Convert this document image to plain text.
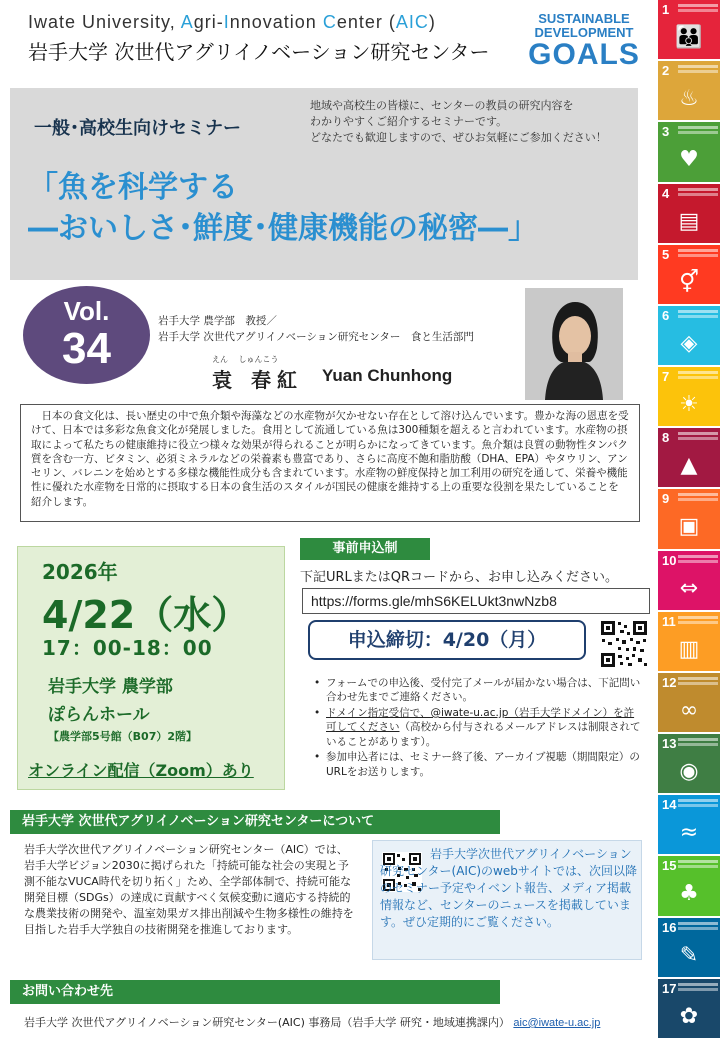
Iwate University, Agri-Innovation Center (AIC)
岩手大学 次世代アグリイノベーション研究センター
SUSTAINABLE
DEVELOPMENT
GOALS
一般･高校生向けセミナー
地域や高校生の皆様に、センターの教員の研究内容を
わかりやすくご紹介するセミナーです。
どなたでも歓迎しますので、ぜひお気軽にご参加ください！
「魚を科学する
―おいしさ･鮮度･健康機能の秘密―」
Vol.
34
岩手大学 農学部　教授／
岩手大学 次世代アグリイノベーション研究センター　食と生活部門
えん　 しゅんこう
袁 春紅 Yuan Chunhong
　日本の食文化は、長い歴史の中で魚介類や海藻などの水産物が欠かせない存在として溶け込んでいます。豊かな海の恩恵を受けて、日本では多彩な魚食文化が発展しました。食用として流通している魚は300種類を超えると言われています。水産物の摂取によって私たちの健康維持に役立つ様々な効果が得られることが明らかになってきています。魚介類は良質の動物性タンパク質を含む一方、ビタミン、必須ミネラルなどの栄養素も豊富であり、さらに高度不飽和脂肪酸（DHA、EPA）やタウリン、アンセリン、バレニンを始めとする多様な機能性成分も含まれています。水産物の鮮度保持と加工利用の研究を通して、栄養や機能性に優れた水産物を日常的に摂取する日本の食生活のスタイルが国民の健康を維持する上の重要な役割を果たしていることを紹介します。
2026年
4/22（水）
17：00-18：00
岩手大学 農学部
ぽらんホール
【農学部5号館（B07）2階】
オンライン配信（Zoom）あり
事前申込制
下記URLまたはQRコードから、お申し込みください。
https://forms.gle/mhS6KELUkt3nwNzb8
申込締切：4/20（月）
• フォームでの申込後、受付完了メールが届かない場合は、下記問い合わせ先までご連絡ください。
• ドメイン指定受信で、@iwate-u.ac.jp（岩手大学ドメイン）を許可してください（高校から付与されるメールアドレスは制限されていることがあります）。
• 参加申込者には、セミナー終了後、アーカイブ視聴（期間限定）のURLをお送りします。
岩手大学 次世代アグリイノベーション研究センターについて
岩手大学次世代アグリイノベーション研究センター（AIC）では、岩手大学ビジョン2030に掲げられた「持続可能な社会の実現と予測不能なVUCA時代を切り拓く」ため、全学部体制で、持続可能な開発目標（SDGs）の達成に貢献すべく気候変動に適応する持続的な農業技術の開発や、温室効果ガス排出削減や生物多様性の維持を目指した岩手大学独自の技術開発を推進しております。
岩手大学次世代アグリイノベーション研究センター(AIC)のwebサイトでは、次回以降のセミナー予定やイベント報告、メディア掲載情報など、センターのニュースを掲載しています。ぜひ定期的にご覧ください。
お問い合わせ先
岩手大学 次世代アグリイノベーション研究センター(AIC) 事務局（岩手大学 研究・地域連携課内） aic@iwate-u.ac.jp
1
👪
2
♨
3
♥
4
▤
5
⚥
6
◈
7
☀
8
▲
9
▣
10
⇔
11
▥
12
∞
13
◉
14
≈
15
♣
16
✎
17
✿
